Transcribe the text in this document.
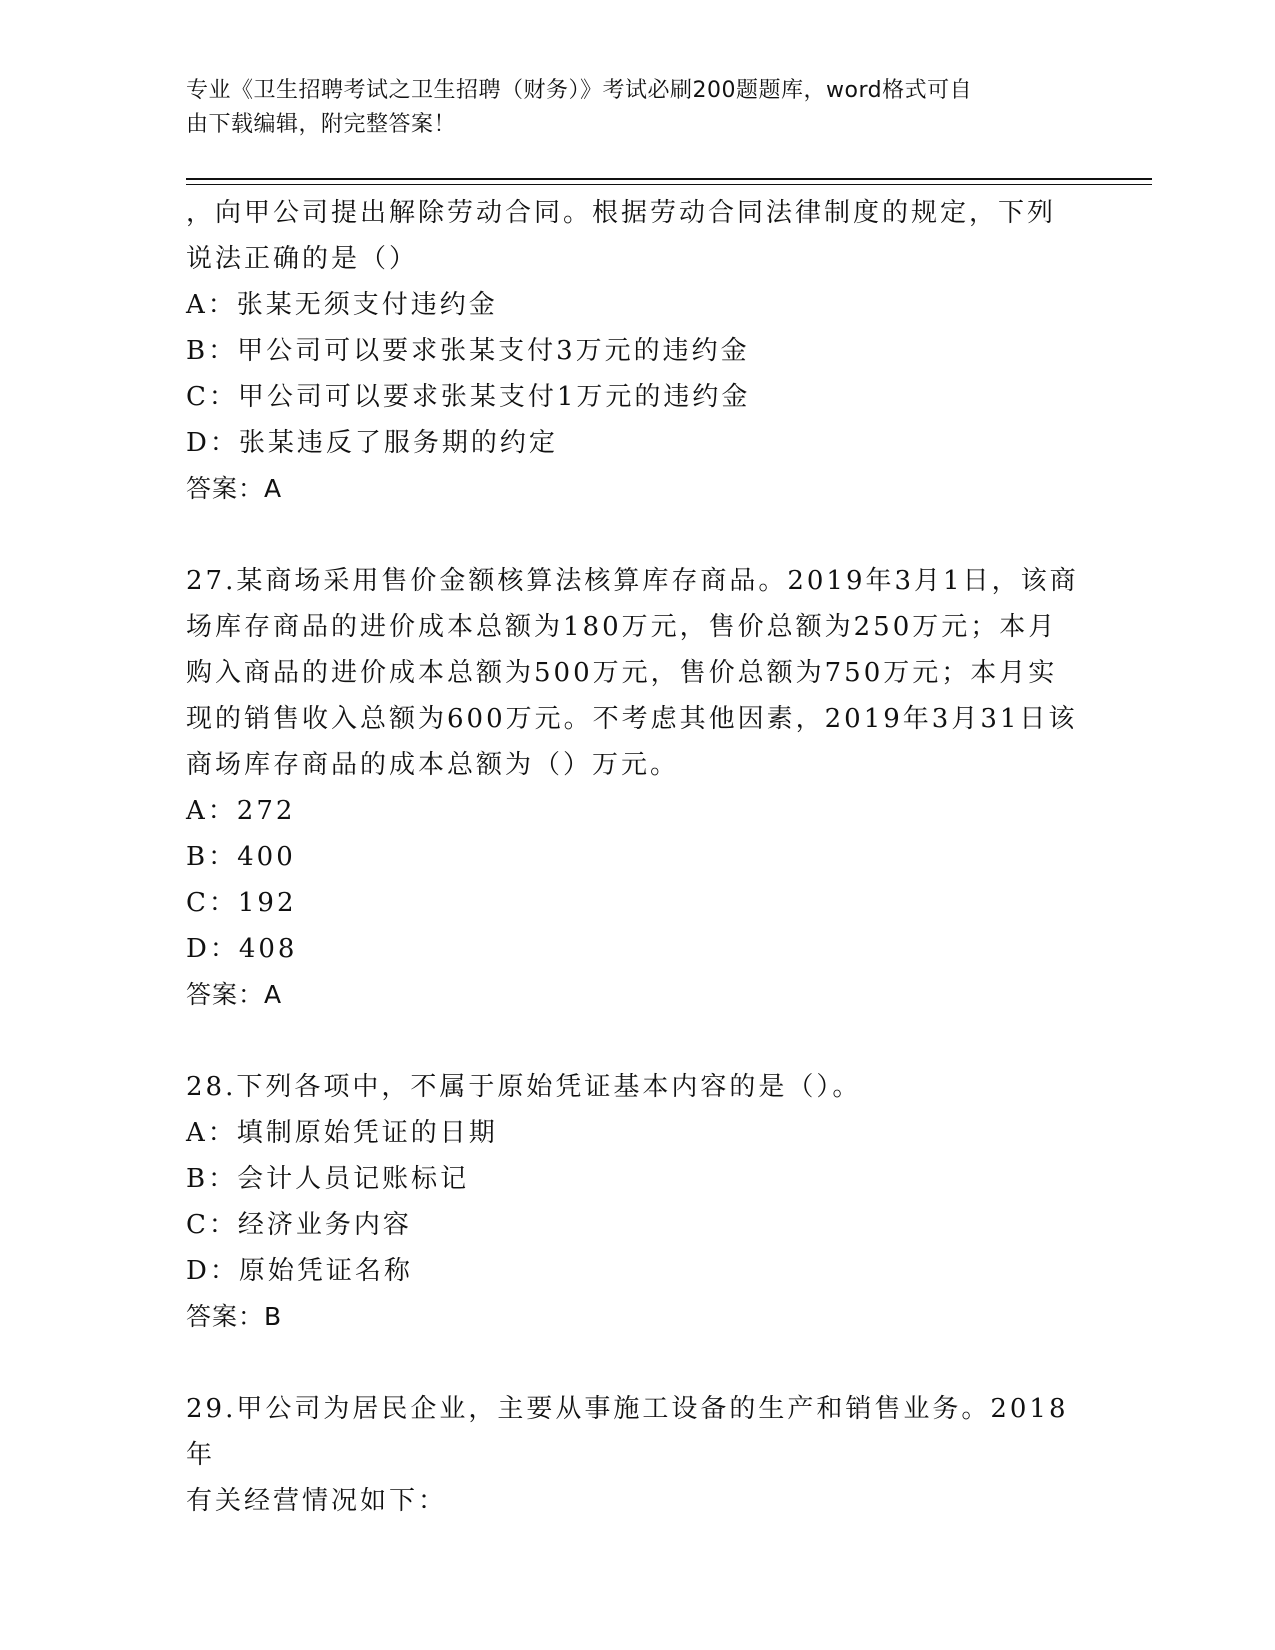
专业《卫生招聘考试之卫生招聘（财务）》考试必刷200题题库，word格式可自
由下载编辑，附完整答案！

，向甲公司提出解除劳动合同。根据劳动合同法律制度的规定，下列

说法正确的是（）

A：张某无须支付违约金

B：甲公司可以要求张某支付3万元的违约金

C：甲公司可以要求张某支付1万元的违约金

D：张某违反了服务期的约定

答案：A

27.某商场采用售价金额核算法核算库存商品。2019年3月1日，该商

场库存商品的进价成本总额为180万元，售价总额为250万元；本月

购入商品的进价成本总额为500万元，售价总额为750万元；本月实

现的销售收入总额为600万元。不考虑其他因素，2019年3月31日该

商场库存商品的成本总额为（）万元。

A：272

B：400

C：192

D：408

答案：A

28.下列各项中，不属于原始凭证基本内容的是（）。

A：填制原始凭证的日期

B：会计人员记账标记

C：经济业务内容

D：原始凭证名称

答案：B

29.甲公司为居民企业，主要从事施工设备的生产和销售业务。2018年

有关经营情况如下：
